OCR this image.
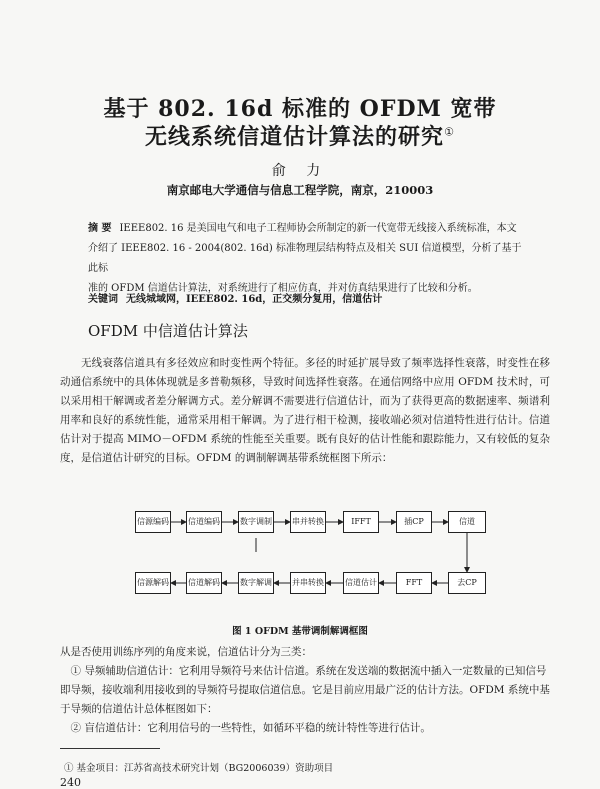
基于 802. 16d 标准的 OFDM 宽带
无线系统信道估计算法的研究①
俞 力
南京邮电大学通信与信息工程学院，南京，210003
摘 要 IEEE802. 16 是美国电气和电子工程师协会所制定的新一代宽带无线接入系统标准，本文
介绍了 IEEE802. 16 - 2004(802. 16d) 标准物理层结构特点及相关 SUI 信道模型，分析了基于此标
准的 OFDM 信道估计算法，对系统进行了相应仿真，并对仿真结果进行了比较和分析。
关键词 无线城域网，IEEE802. 16d，正交频分复用，信道估计
OFDM 中信道估计算法

无线衰落信道具有多径效应和时变性两个特征。多径的时延扩展导致了频率选择性衰落，时变性在移动通信系统中的具体体现就是多普勒频移，导致时间选择性衰落。在通信网络中应用 OFDM 技术时，可以采用相干解调或者差分解调方式。差分解调不需要进行信道估计，而为了获得更高的数据速率、频谱利用率和良好的系统性能，通常采用相干解调。为了进行相干检测，接收端必须对信道特性进行估计。信道估计对于提高 MIMO－OFDM 系统的性能至关重要。既有良好的估计性能和跟踪能力，又有较低的复杂度，是信道估计研究的目标。OFDM 的调制解调基带系统框图下所示：

信源编码 信道编码	数字调制	串并转换	IFFT	插CP	信道
信源解码 信道解码	数字解调	并串转换	信道估计	FFT	去CP
图 1 OFDM 基带调制解调框图

从是否使用训练序列的角度来说，信道估计分为三类：

① 导频辅助信道估计：它利用导频符号来估计信道。系统在发送端的数据流中插入一定数量的已知信号即导频，接收端利用接收到的导频符号提取信道信息。它是目前应用最广泛的估计方法。OFDM 系统中基于导频的信道估计总体框图如下：

② 盲信道估计：它利用信号的一些特性，如循环平稳的统计特性等进行估计。

① 基金项目：江苏省高技术研究计划（BG2006039）资助项目
240
